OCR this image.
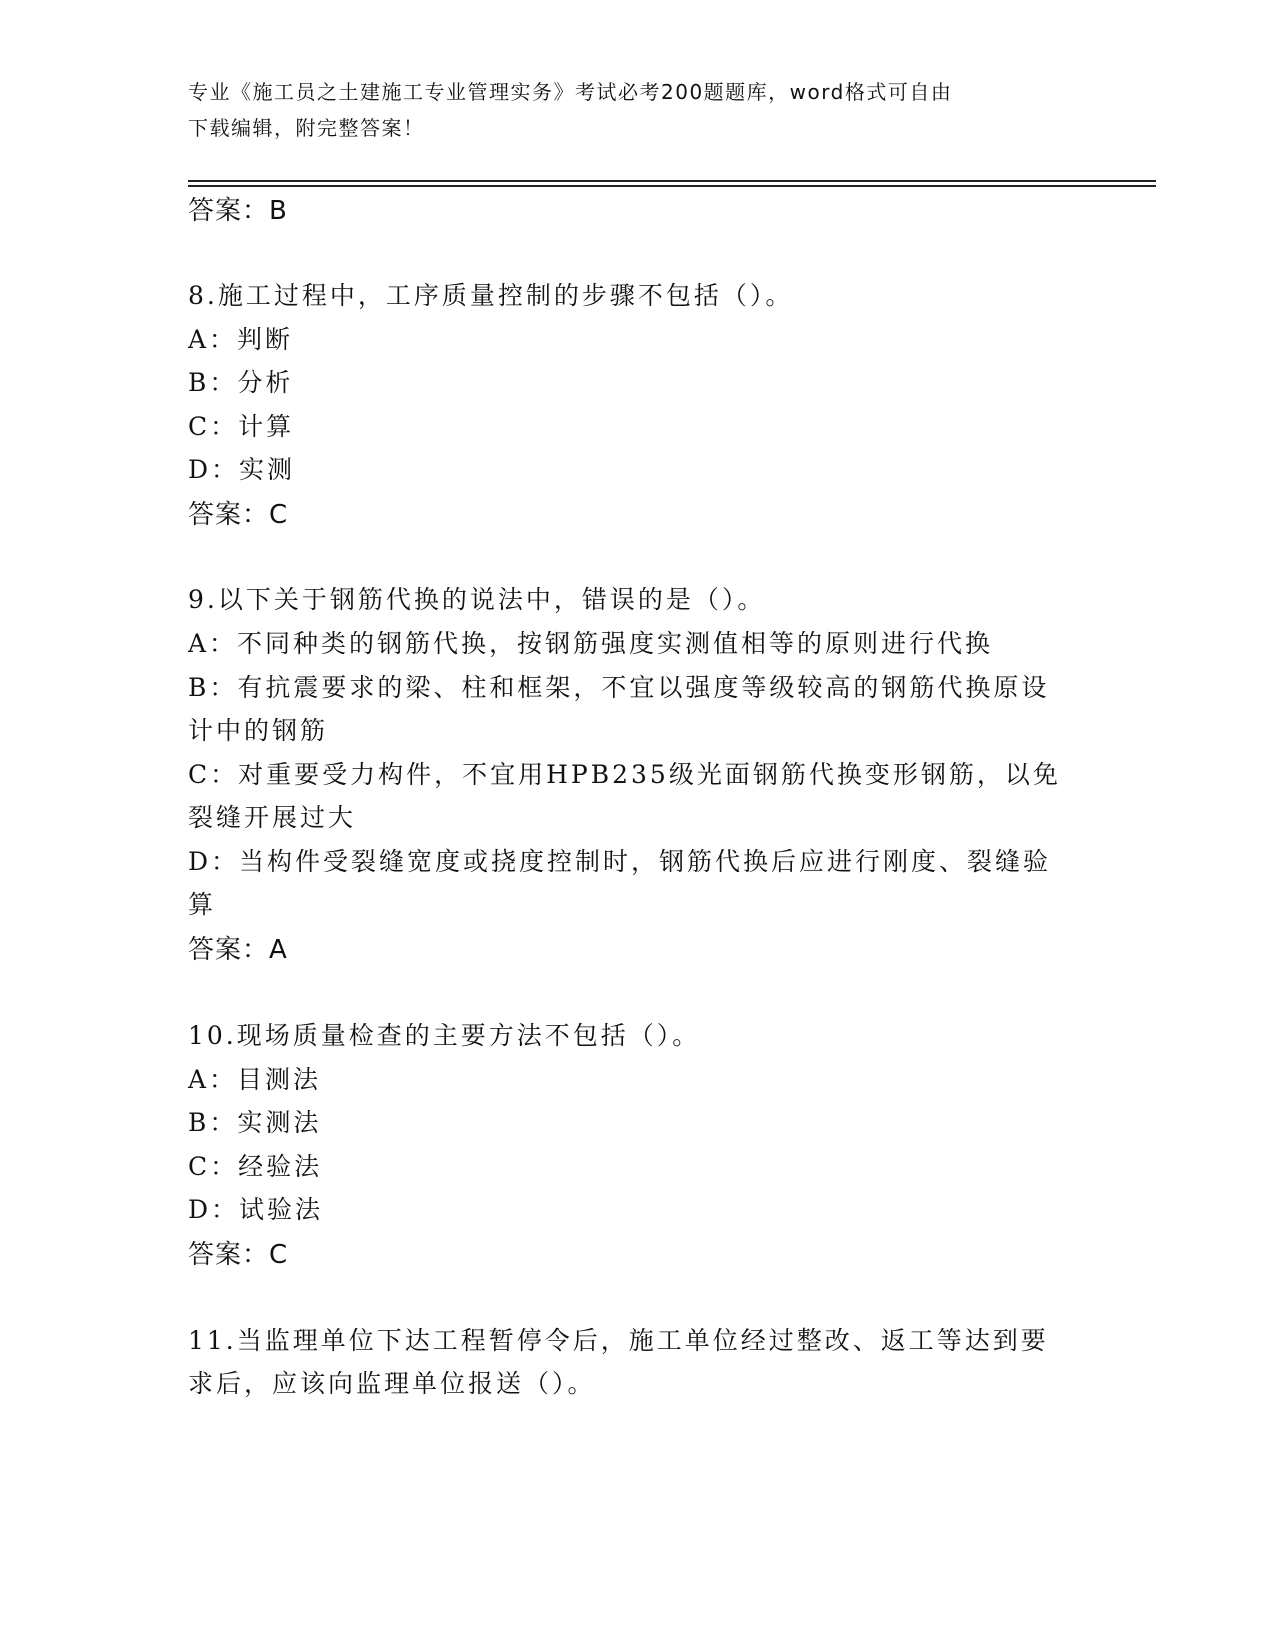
专业《施工员之土建施工专业管理实务》考试必考200题题库，word格式可自由
下载编辑，附完整答案！
答案：B
8.施工过程中，工序质量控制的步骤不包括（）。
A：判断
B：分析
C：计算
D：实测
答案：C
9.以下关于钢筋代换的说法中，错误的是（）。
A：不同种类的钢筋代换，按钢筋强度实测值相等的原则进行代换
B：有抗震要求的梁、柱和框架，不宜以强度等级较高的钢筋代换原设
计中的钢筋
C：对重要受力构件，不宜用HPB235级光面钢筋代换变形钢筋，以免
裂缝开展过大
D：当构件受裂缝宽度或挠度控制时，钢筋代换后应进行刚度、裂缝验
算
答案：A
10.现场质量检查的主要方法不包括（）。
A：目测法
B：实测法
C：经验法
D：试验法
答案：C
11.当监理单位下达工程暂停令后，施工单位经过整改、返工等达到要
求后，应该向监理单位报送（）。
